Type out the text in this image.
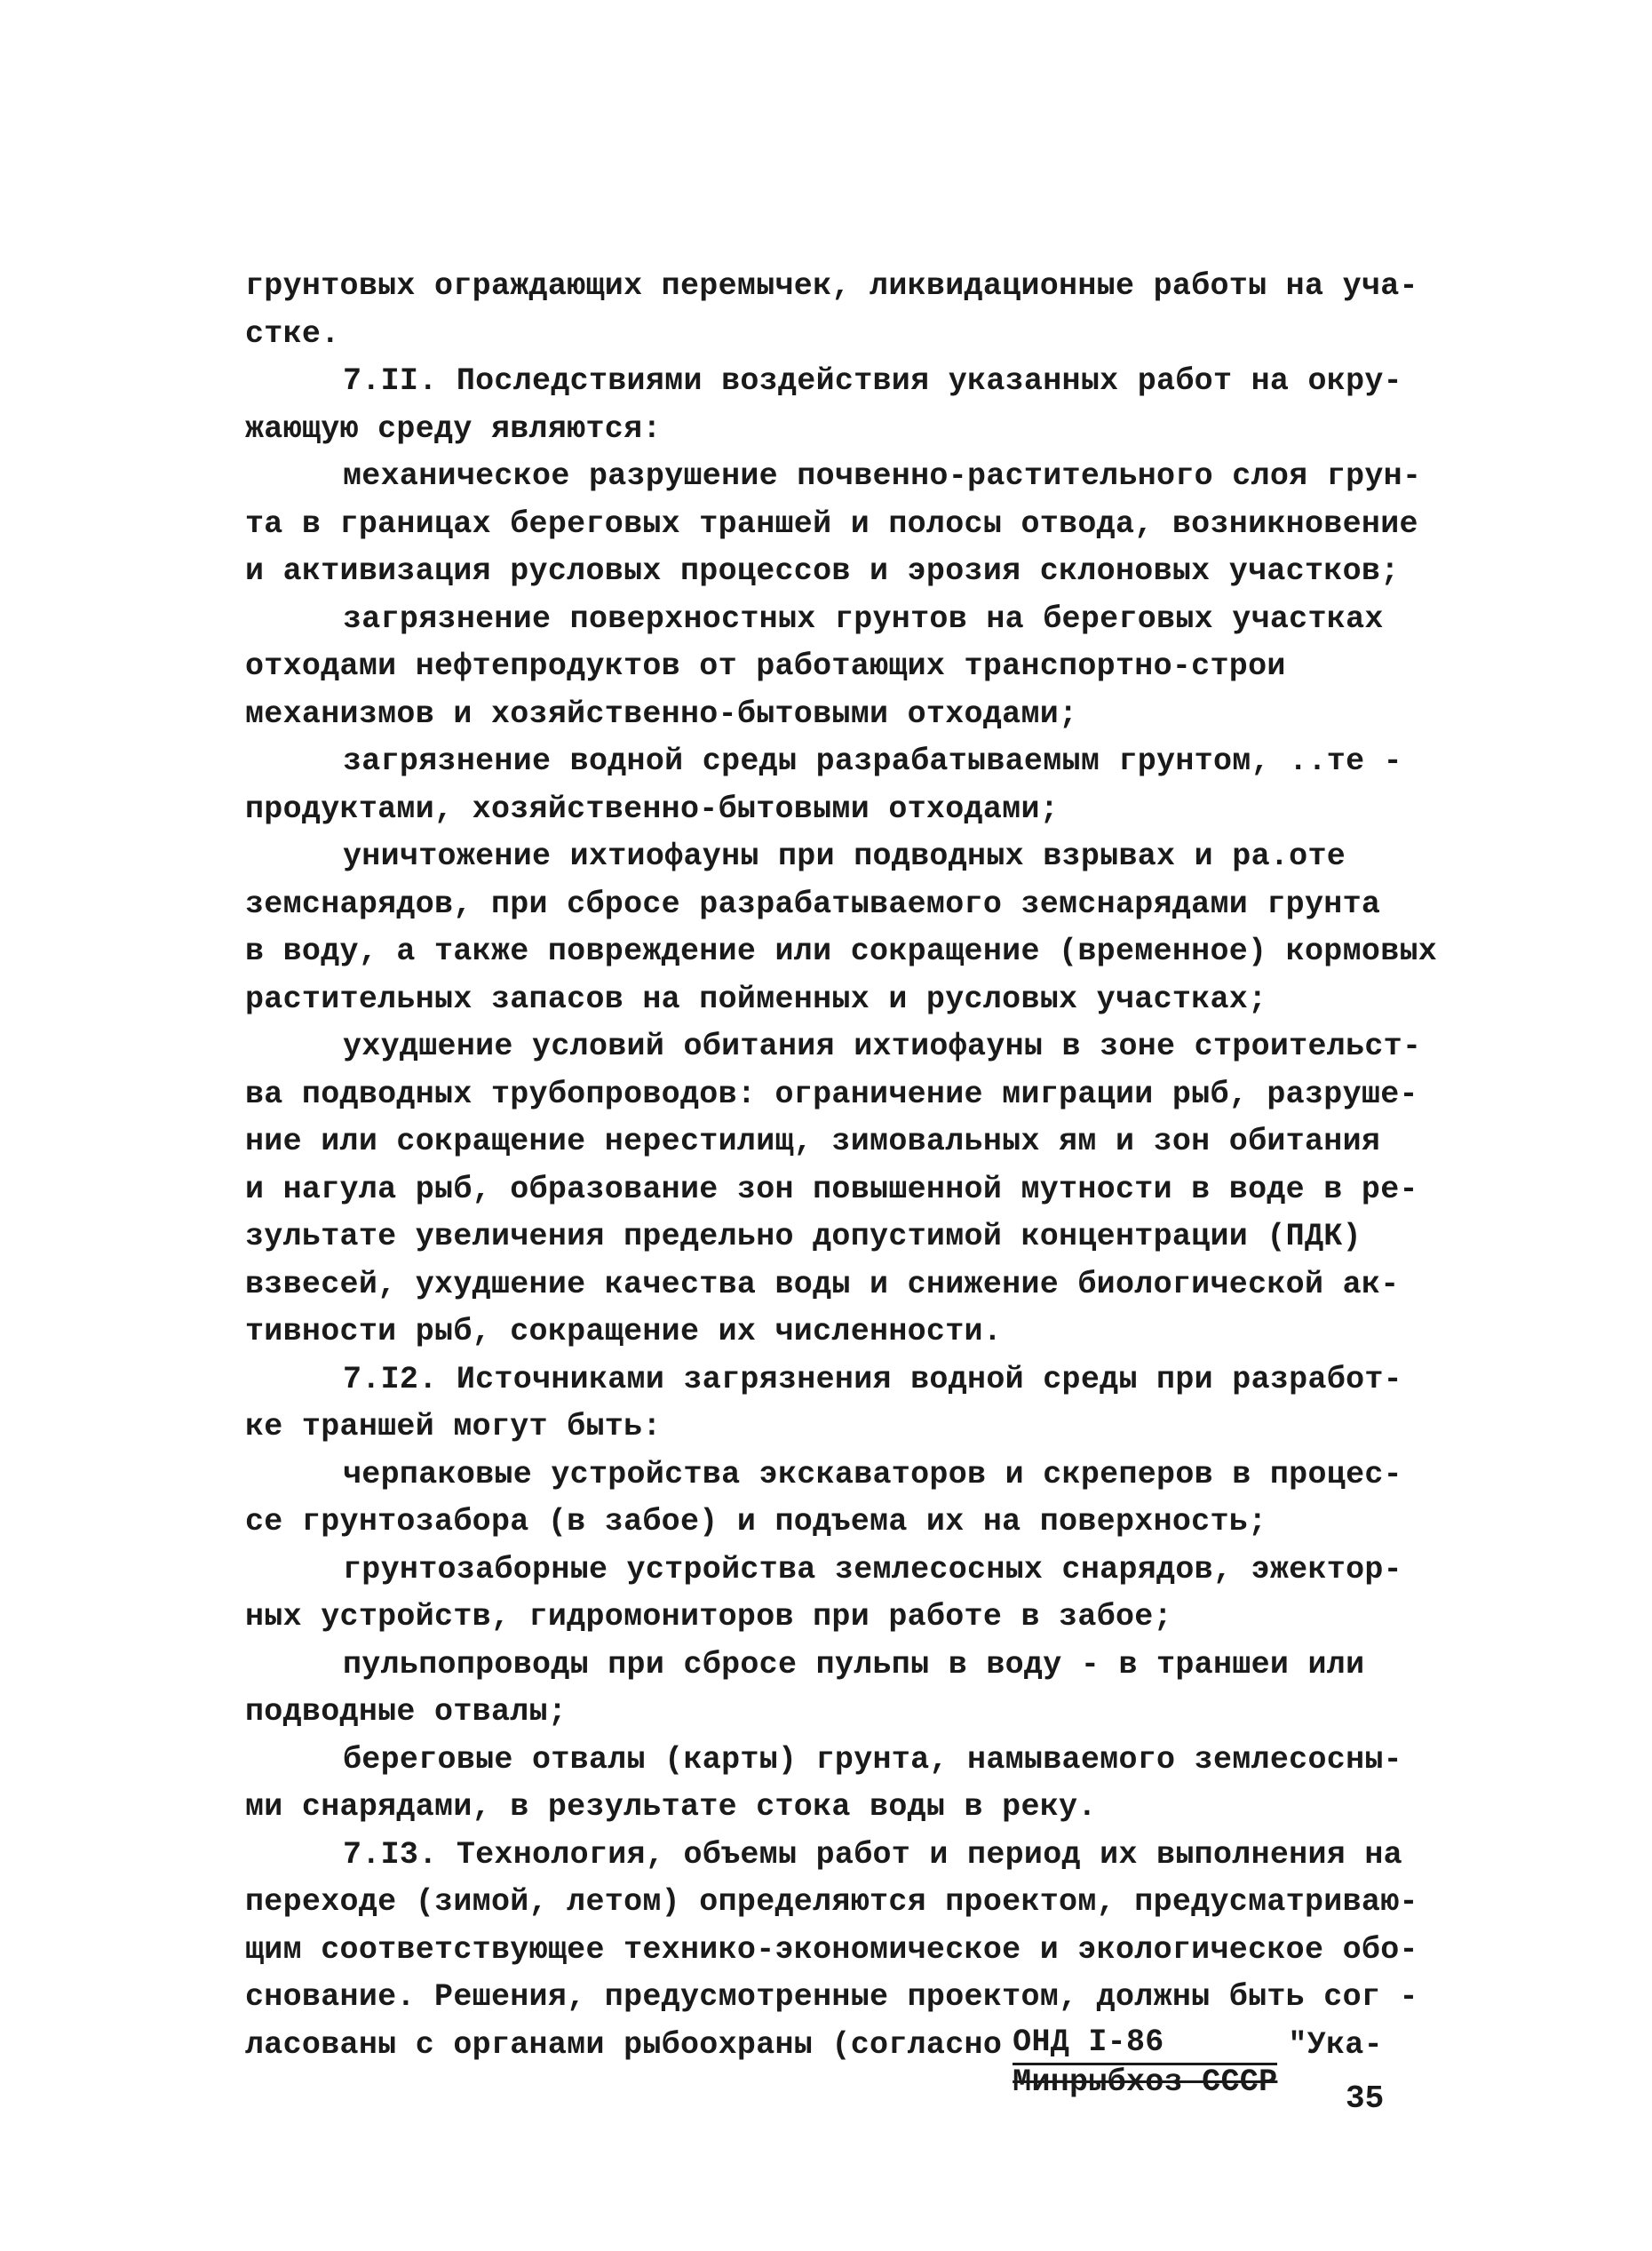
грунтовых ограждающих перемычек, ликвидационные работы на уча-
стке.
7.II. Последствиями воздействия указанных работ на окру-
жающую среду являются:
механическое разрушение почвенно-растительного слоя грун-
та в границах береговых траншей и полосы отвода, возникновение
и активизация русловых процессов и эрозия склоновых участков;
загрязнение поверхностных грунтов на береговых участках
отходами нефтепродуктов от работающих транспортно-строи
механизмов и хозяйственно-бытовыми отходами;
загрязнение водной среды разрабатываемым грунтом, ..те -
продуктами, хозяйственно-бытовыми отходами;
уничтожение ихтиофауны при подводных взрывах и ра.оте
земснарядов, при сбросе разрабатываемого земснарядами грунта
в воду, а также повреждение или сокращение (временное) кормовых
растительных запасов на пойменных и русловых участках;
ухудшение условий обитания ихтиофауны в зоне строительст-
ва подводных трубопроводов: ограничение миграции рыб, разруше-
ние или сокращение нерестилищ, зимовальных ям и зон обитания
и нагула рыб, образование зон повышенной мутности в воде в ре-
зультате увеличения предельно допустимой концентрации (ПДК)
взвесей, ухудшение качества воды и снижение биологической ак-
тивности рыб, сокращение их численности.
7.I2. Источниками загрязнения водной среды при разработ-
ке траншей могут быть:
черпаковые устройства экскаваторов и скреперов в процес-
се грунтозабора (в забое) и подъема их на поверхность;
грунтозаборные устройства землесосных снарядов, эжектор-
ных устройств, гидромониторов при работе в забое;
пульпопроводы при сбросе пульпы в воду - в траншеи или
подводные отвалы;
береговые отвалы (карты) грунта, намываемого землесосны-
ми снарядами, в результате стока воды в реку.
7.I3. Технология, объемы работ и период их выполнения на
переходе (зимой, летом) определяются проектом, предусматриваю-
щим соответствующее технико-экономическое и экологическое обо-
снование. Решения, предусмотренные проектом, должны быть сог -
ласованы с органами рыбоохраны (согласно ОНД I-86
Минрыбхоз СССР
"Ука-
35
